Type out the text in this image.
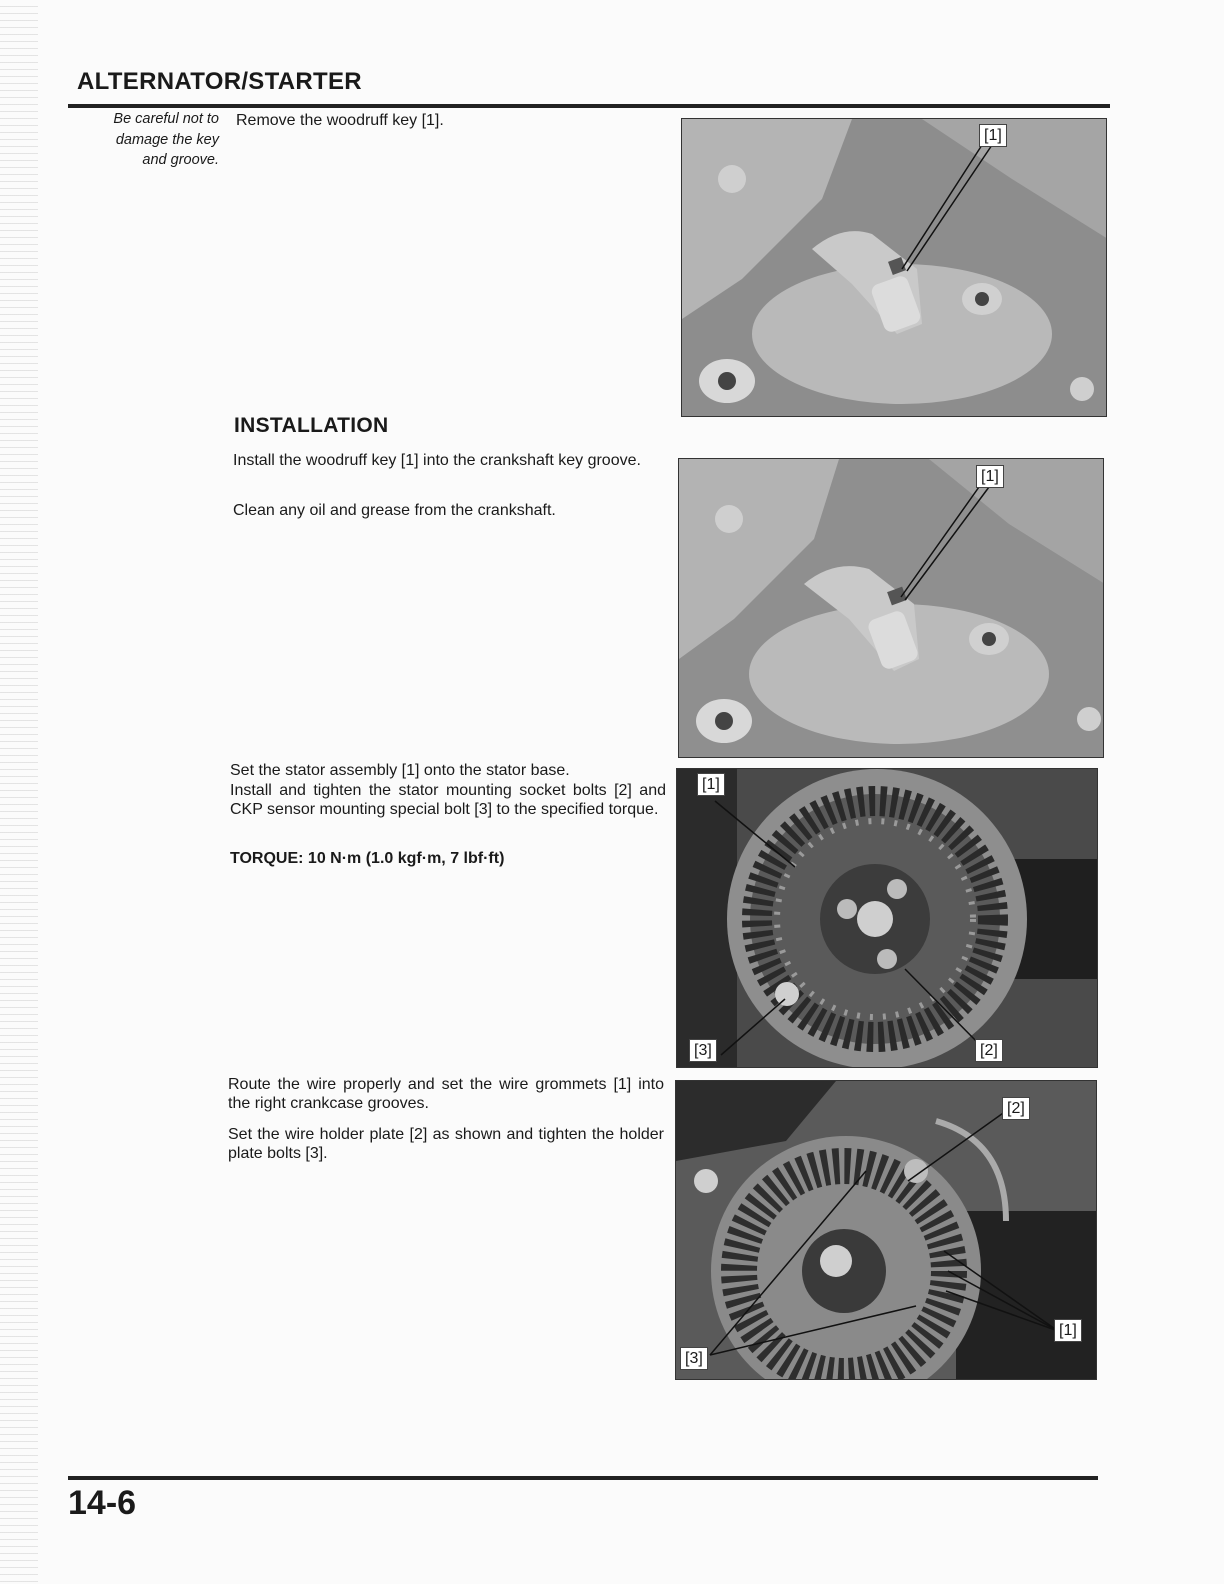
ALTERNATOR/STARTER
Be careful not to
damage the key
and groove.
Remove the woodruff key [1].
[1]
INSTALLATION
Install the woodruff key [1] into the crankshaft key groove.
Clean any oil and grease from the crankshaft.
[1]
Set the stator assembly [1] onto the stator base.
Install and tighten the stator mounting socket bolts [2] and CKP sensor mounting special bolt [3] to the specified torque.
TORQUE: 10 N·m (1.0 kgf·m, 7 lbf·ft)
[1]
[3]	[2]
Route the wire properly and set the wire grommets [1] into the right crankcase grooves.
Set the wire holder plate [2] as shown and tighten the holder plate bolts [3].
[2]
[1]
[3]
14-6
